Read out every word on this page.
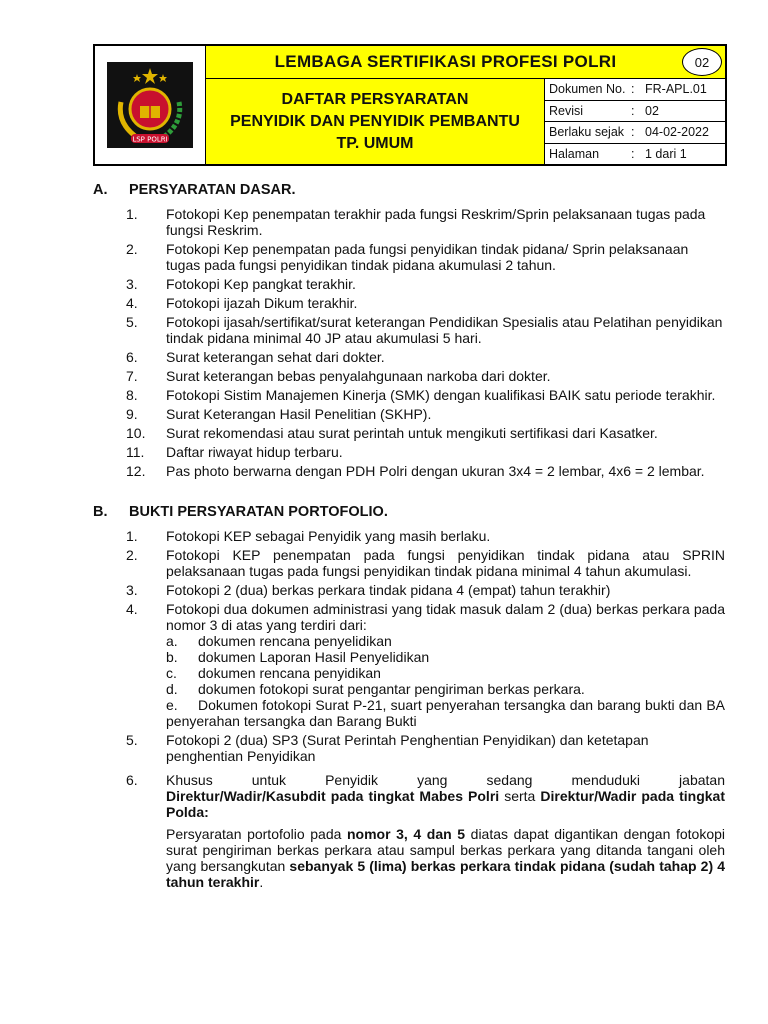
LSP POLRI
LEMBAGA SERTIFIKASI PROFESI POLRI	02
DAFTAR PERSYARATAN
PENYIDIK DAN PENYIDIK PEMBANTU
TP. UMUM
Dokumen No. : FR-APL.01
Revisi	: 02
Berlaku sejak : 04-02-2022
Halaman	: 1 dari 1
A.	PERSYARATAN DASAR.
1.	Fotokopi Kep penempatan terakhir pada fungsi Reskrim/Sprin pelaksanaan tugas pada fungsi Reskrim.
2.	Fotokopi Kep penempatan pada fungsi penyidikan tindak pidana/ Sprin pelaksanaan tugas pada fungsi penyidikan tindak pidana akumulasi 2 tahun.
3.	Fotokopi Kep pangkat terakhir.
4.	Fotokopi ijazah Dikum terakhir.
5.	Fotokopi ijasah/sertifikat/surat keterangan Pendidikan Spesialis atau Pelatihan penyidikan tindak pidana minimal 40 JP atau akumulasi 5 hari.
6.	Surat keterangan sehat dari dokter.
7.	Surat keterangan bebas penyalahgunaan narkoba dari dokter.
8.	Fotokopi Sistim Manajemen Kinerja (SMK) dengan kualifikasi BAIK satu periode terakhir.
9.	Surat Keterangan Hasil Penelitian (SKHP).
10.	Surat rekomendasi atau surat perintah untuk mengikuti sertifikasi dari Kasatker.
11.	Daftar riwayat hidup terbaru.
12.	Pas photo berwarna dengan PDH Polri dengan ukuran 3x4 = 2 lembar, 4x6 = 2 lembar.
B.	BUKTI PERSYARATAN PORTOFOLIO.
1.	Fotokopi KEP sebagai Penyidik yang masih berlaku.
2.	Fotokopi KEP penempatan pada fungsi penyidikan tindak pidana atau SPRIN pelaksanaan tugas pada fungsi penyidikan tindak pidana minimal 4 tahun akumulasi.
3.	Fotokopi 2 (dua) berkas perkara tindak pidana 4 (empat) tahun terakhir)
4.	Fotokopi dua dokumen administrasi yang tidak masuk dalam 2 (dua) berkas perkara pada nomor 3 di atas yang terdiri dari:
a.	dokumen rencana penyelidikan
b.	dokumen Laporan Hasil Penyelidikan
c.	dokumen rencana penyidikan
d.	dokumen fotokopi surat pengantar pengiriman berkas perkara.
e. Dokumen fotokopi Surat P-21, suart penyerahan tersangka dan barang bukti dan BA penyerahan tersangka dan Barang Bukti
5.	Fotokopi 2 (dua) SP3 (Surat Perintah Penghentian Penyidikan) dan ketetapan penghentian Penyidikan
6.	Khusus untuk Penyidik yang sedang menduduki jabatan Direktur/Wadir/Kasubdit pada tingkat Mabes Polri serta Direktur/Wadir pada tingkat Polda:
Persyaratan portofolio pada nomor 3, 4 dan 5 diatas dapat digantikan dengan fotokopi surat pengiriman berkas perkara atau sampul berkas perkara yang ditanda tangani oleh yang bersangkutan sebanyak 5 (lima) berkas perkara tindak pidana (sudah tahap 2) 4 tahun terakhir.
